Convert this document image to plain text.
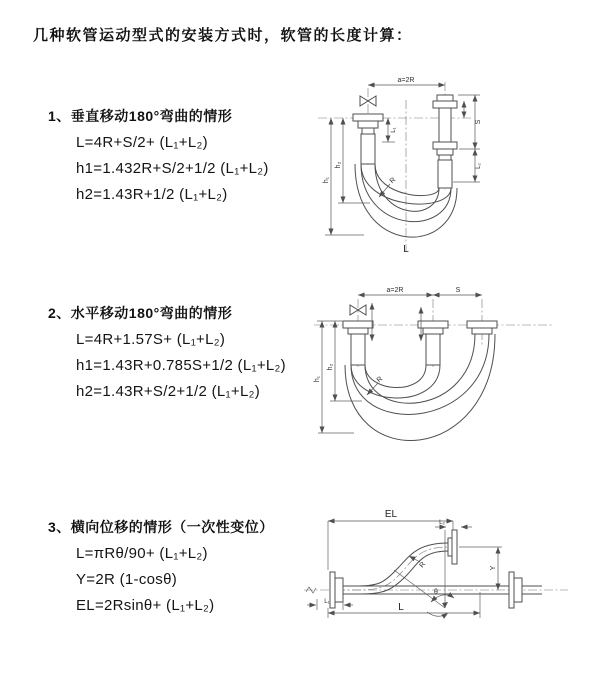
几种软管运动型式的安装方式时，软管的长度计算：
1、垂直移动180°弯曲的情形
L=4R+S/2+ (L₁+L₂)
h1=1.432R+S/2+1/2 (L₁+L₂)
h2=1.43R+1/2 (L₁+L₂)
2、水平移动180°弯曲的情形
L=4R+1.57S+ (L₁+L₂)
h1=1.43R+0.785S+1/2 (L₁+L₂)
h2=1.43R+S/2+1/2 (L₁+L₂)
3、横向位移的情形（一次性变位）
L=πRθ/90+ (L₁+L₂)
Y=2R (1-cosθ)
EL=2Rsinθ+ (L₁+L₂)
a=2R
h₁
h₂
S
L₂
L₁
R
L
a=2R	S
h₁
h₂
R
EL
L₂
Y
θ
R
L
L₁
